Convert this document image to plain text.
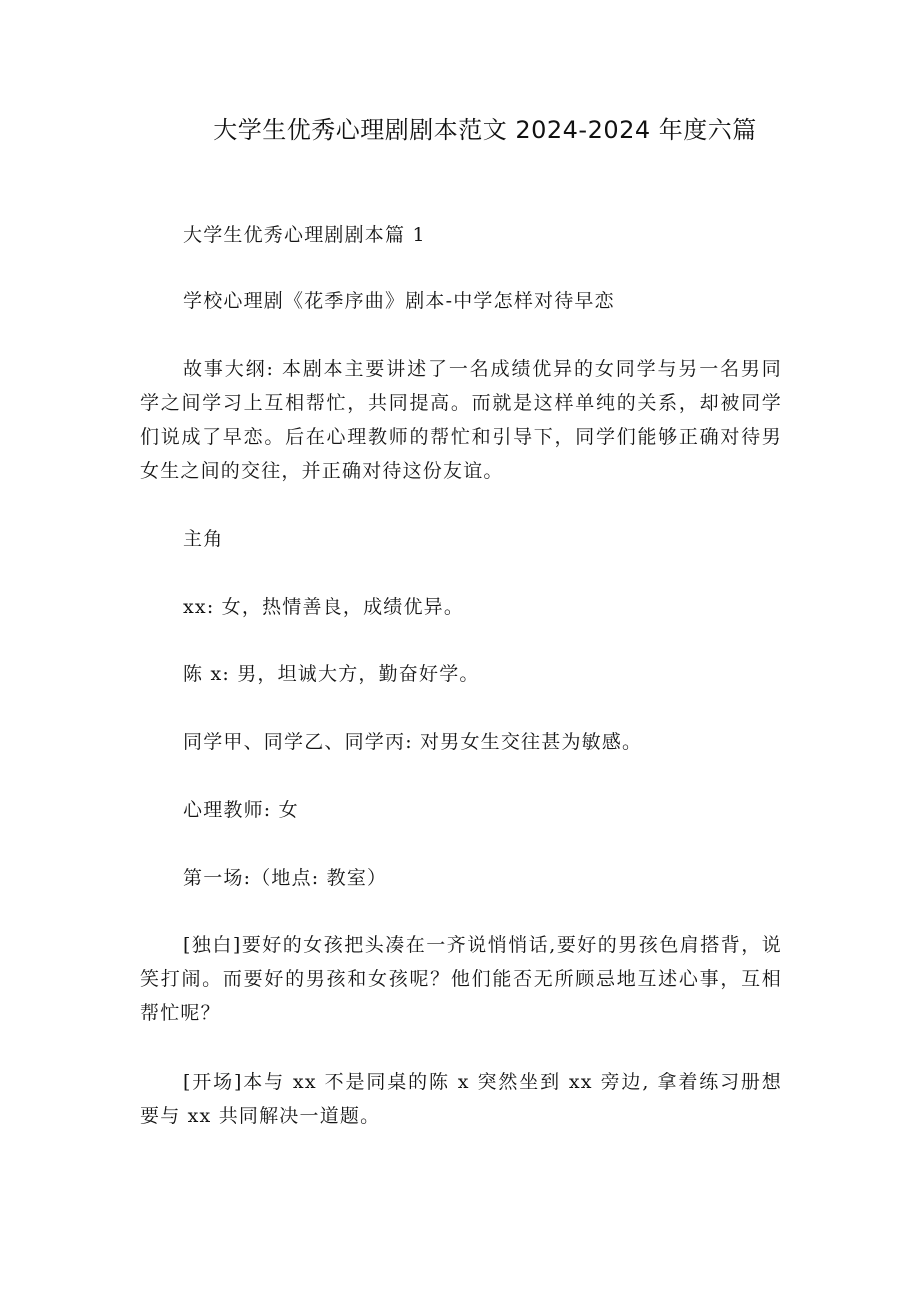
大学生优秀心理剧剧本范文 2024-2024 年度六篇

大学生优秀心理剧剧本篇 1

学校心理剧《花季序曲》剧本-中学怎样对待早恋

故事大纲: 本剧本主要讲述了一名成绩优异的女同学与另一名男同学之间学习上互相帮忙，共同提高。而就是这样单纯的关系，却被同学们说成了早恋。后在心理教师的帮忙和引导下，同学们能够正确对待男女生之间的交往，并正确对待这份友谊。

主角

xx: 女，热情善良，成绩优异。

陈 x: 男，坦诚大方，勤奋好学。

同学甲、同学乙、同学丙: 对男女生交往甚为敏感。

心理教师: 女

第一场:（地点: 教室）

[独白]要好的女孩把头凑在一齐说悄悄话,要好的男孩色肩搭背，说笑打闹。而要好的男孩和女孩呢？他们能否无所顾忌地互述心事，互相帮忙呢？

[开场]本与 xx 不是同桌的陈 x 突然坐到 xx 旁边, 拿着练习册想要与 xx 共同解决一道题。
